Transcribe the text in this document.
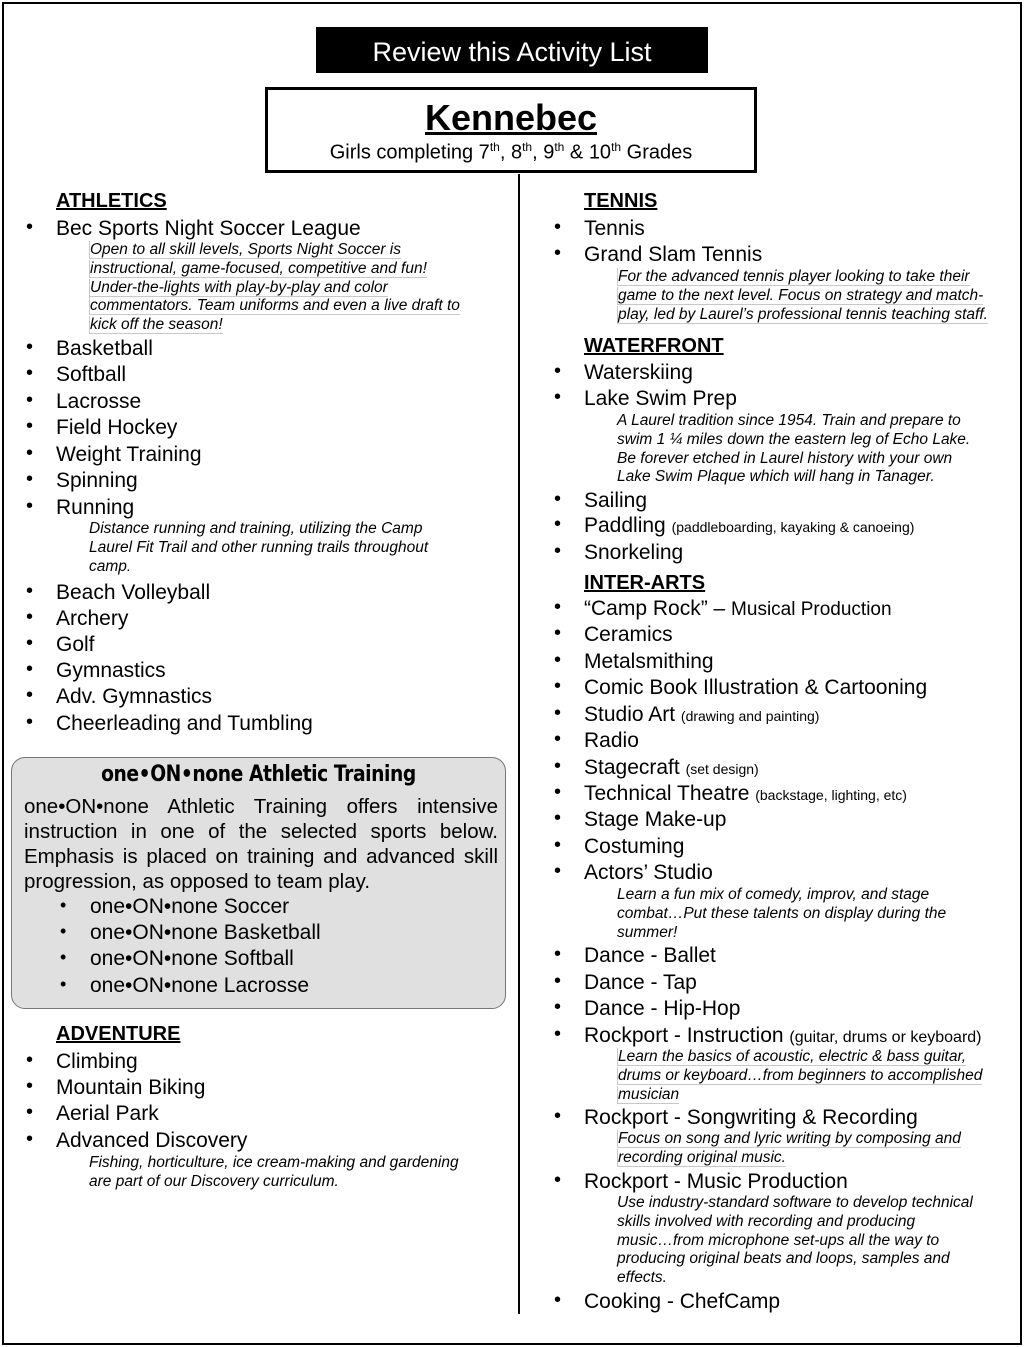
Review this Activity List
Kennebec
Girls completing 7th, 8th, 9th & 10th Grades
ATHLETICS
• Bec Sports Night Soccer League
Open to all skill levels, Sports Night Soccer is
instructional, game-focused, competitive and fun!
Under-the-lights with play-by-play and color
commentators. Team uniforms and even a live draft to
kick off the season!
• Basketball
• Softball
• Lacrosse
• Field Hockey
• Weight Training
• Spinning
• Running
Distance running and training, utilizing the Camp
Laurel Fit Trail and other running trails throughout
camp.
• Beach Volleyball
• Archery
• Golf
• Gymnastics
• Adv. Gymnastics
• Cheerleading and Tumbling
one•ON•none Athletic Training
one•ON•none Athletic Training offers intensive instruction in one of the selected sports below. Emphasis is placed on training and advanced skill progression, as opposed to team play.
• one•ON•none Soccer
• one•ON•none Basketball
• one•ON•none Softball
• one•ON•none Lacrosse
ADVENTURE
• Climbing
• Mountain Biking
• Aerial Park
• Advanced Discovery
Fishing, horticulture, ice cream-making and gardening
are part of our Discovery curriculum.
TENNIS
• Tennis
• Grand Slam Tennis
For the advanced tennis player looking to take their
game to the next level. Focus on strategy and match-
play, led by Laurel’s professional tennis teaching staff.
WATERFRONT
• Waterskiing
• Lake Swim Prep
A Laurel tradition since 1954. Train and prepare to
swim 1 ¼ miles down the eastern leg of Echo Lake.
Be forever etched in Laurel history with your own
Lake Swim Plaque which will hang in Tanager.
• Sailing
• Paddling (paddleboarding, kayaking & canoeing)
• Snorkeling
INTER-ARTS
• “Camp Rock” – Musical Production
• Ceramics
• Metalsmithing
• Comic Book Illustration & Cartooning
• Studio Art (drawing and painting)
• Radio
• Stagecraft (set design)
• Technical Theatre (backstage, lighting, etc)
• Stage Make-up
• Costuming
• Actors’ Studio
Learn a fun mix of comedy, improv, and stage
combat…Put these talents on display during the
summer!
• Dance - Ballet
• Dance - Tap
• Dance - Hip-Hop
• Rockport - Instruction (guitar, drums or keyboard)
Learn the basics of acoustic, electric & bass guitar,
drums or keyboard…from beginners to accomplished
musician
• Rockport - Songwriting & Recording
Focus on song and lyric writing by composing and
recording original music.
• Rockport - Music Production
Use industry-standard software to develop technical
skills involved with recording and producing
music…from microphone set-ups all the way to
producing original beats and loops, samples and
effects.
• Cooking - ChefCamp
